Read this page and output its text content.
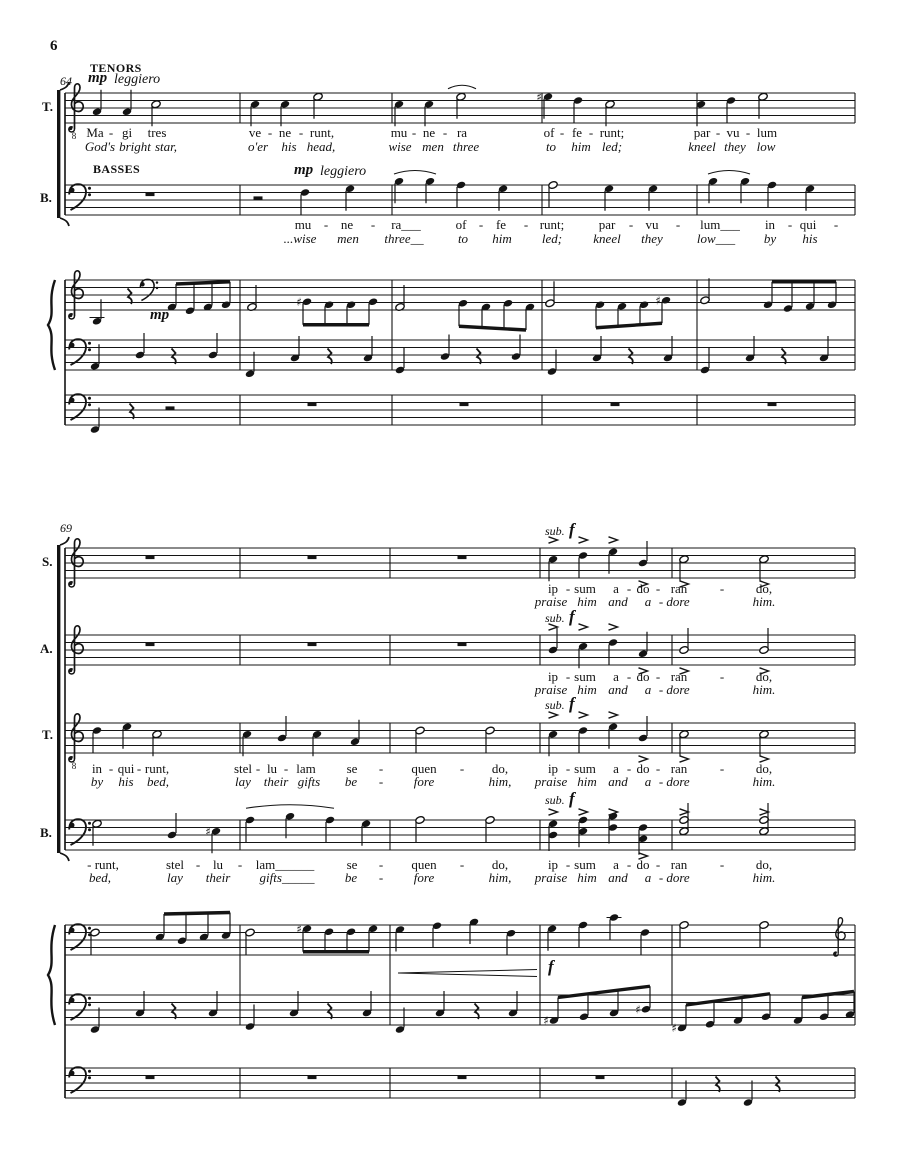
6
8
♯
♯	♯
8
♯
♯
♯
♯
♯
TENORS
mp leggiero
64
T.
BASSES	mp leggiero
B.
mp
69
S.
A.
T.
B.
sub. f
sub. f
sub. f
sub. f
f
Ma - gi tres	ve - ne - runt,	mu - ne - ra	of - fe - runt;	par - vu - lum
God's bright star,	o'er his head,	wise men three	to him led;	kneel they low
mu - ne - ra___	of - fe - runt;	par - vu - lum___ in - qui -
...wise men three__	to him led; kneel they	low___ by his
ip - sum a - do - ran	- do,
praise him and a - dore	him.
ip - sum a - do - ran	- do,
praise him and a - dore	him.
in - qui - runt,	stel - lu - lam se - quen - do,	ip - sum a - do - ran	- do,
by his bed,	lay their gifts be - fore	him, praise him and a - dore	him.
- runt,	stel - lu - lam______ se - quen - do,	ip - sum a - do - ran	- do,
bed,	lay their gifts_____ be - fore	him, praise him and a - dore	him.
